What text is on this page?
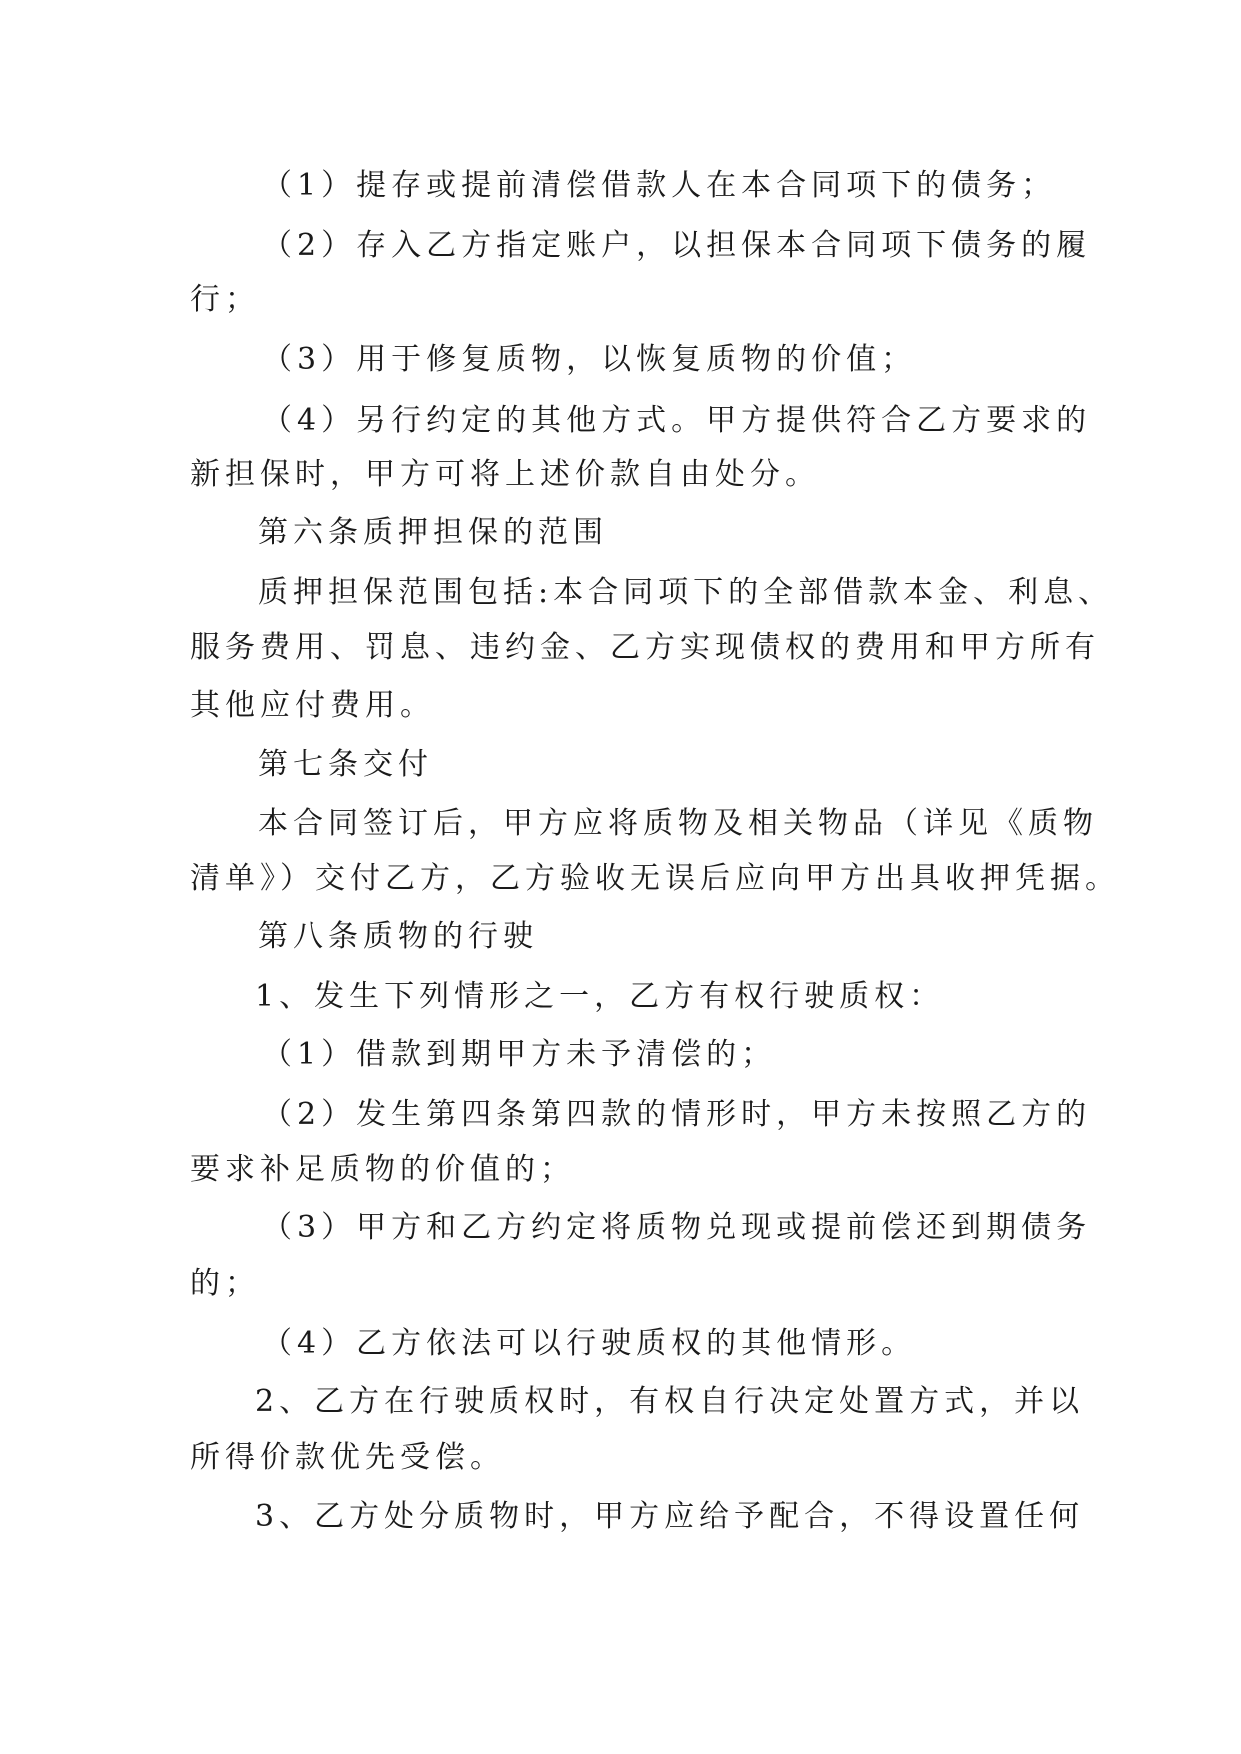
（1）提存或提前清偿借款人在本合同项下的债务；
（2）存入乙方指定账户，以担保本合同项下债务的履
行；
（3）用于修复质物，以恢复质物的价值；
（4）另行约定的其他方式。甲方提供符合乙方要求的
新担保时，甲方可将上述价款自由处分。
第六条质押担保的范围
质押担保范围包括:本合同项下的全部借款本金、利息、
服务费用、罚息、违约金、乙方实现债权的费用和甲方所有
其他应付费用。
第七条交付
本合同签订后，甲方应将质物及相关物品（详见《质物
清单》）交付乙方，乙方验收无误后应向甲方出具收押凭据。
第八条质物的行驶
1、发生下列情形之一，乙方有权行驶质权：
（1）借款到期甲方未予清偿的；
（2）发生第四条第四款的情形时，甲方未按照乙方的
要求补足质物的价值的；
（3）甲方和乙方约定将质物兑现或提前偿还到期债务
的；
（4）乙方依法可以行驶质权的其他情形。
2、乙方在行驶质权时，有权自行决定处置方式，并以
所得价款优先受偿。
3、乙方处分质物时，甲方应给予配合，不得设置任何
